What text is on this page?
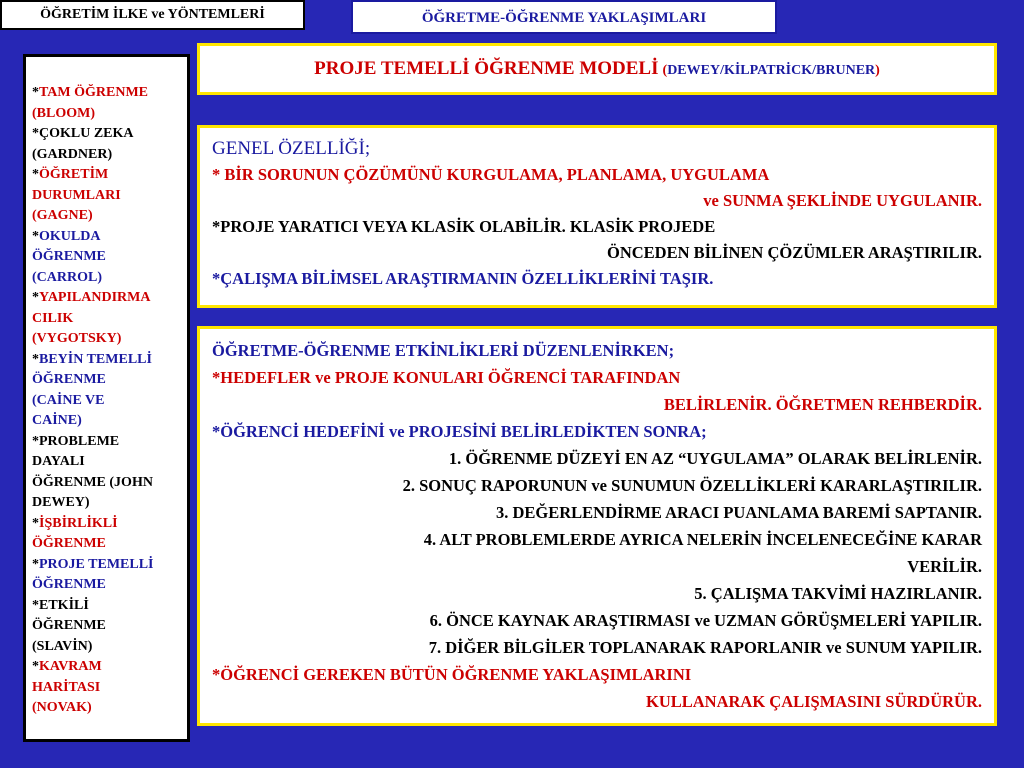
ÖĞRETİM İLKE ve YÖNTEMLERİ	ÖĞRETME-ÖĞRENME YAKLAŞIMLARI
PROJE TEMELLİ ÖĞRENME MODELİ (DEWEY/KİLPATRİCK/BRUNER)
*TAM ÖĞRENME
(BLOOM)
*ÇOKLU ZEKA
(GARDNER)
*ÖĞRETİM
DURUMLARI
(GAGNE)
*OKULDA
ÖĞRENME
(CARROL)
*YAPILANDIRMA
CILIK
(VYGOTSKY)
*BEYİN TEMELLİ
ÖĞRENME
(CAİNE VE
CAİNE)
*PROBLEME
DAYALI
ÖĞRENME (JOHN
DEWEY)
*İŞBİRLİKLİ
ÖĞRENME
*PROJE TEMELLİ
ÖĞRENME
*ETKİLİ
ÖĞRENME
(SLAVİN)
*KAVRAM
HARİTASI
(NOVAK)
GENEL ÖZELLİĞİ;
* BİR SORUNUN ÇÖZÜMÜNÜ KURGULAMA, PLANLAMA, UYGULAMA
ve SUNMA ŞEKLİNDE UYGULANIR.
*PROJE YARATICI VEYA KLASİK OLABİLİR. KLASİK PROJEDE
ÖNCEDEN BİLİNEN ÇÖZÜMLER ARAŞTIRILIR.
*ÇALIŞMA BİLİMSEL ARAŞTIRMANIN ÖZELLİKLERİNİ TAŞIR.
ÖĞRETME-ÖĞRENME ETKİNLİKLERİ DÜZENLENİRKEN;
*HEDEFLER ve PROJE KONULARI ÖĞRENCİ TARAFINDAN
BELİRLENİR. ÖĞRETMEN REHBERDİR.
*ÖĞRENCİ HEDEFİNİ ve PROJESİNİ BELİRLEDİKTEN SONRA;
1. ÖĞRENME DÜZEYİ EN AZ “UYGULAMA” OLARAK BELİRLENİR.
2. SONUÇ RAPORUNUN ve SUNUMUN ÖZELLİKLERİ KARARLAŞTIRILIR.
3. DEĞERLENDİRME ARACI PUANLAMA BAREMİ SAPTANIR.
4. ALT PROBLEMLERDE AYRICA NELERİN İNCELENECEĞİNE KARAR
VERİLİR.
5. ÇALIŞMA TAKVİMİ HAZIRLANIR.
6. ÖNCE KAYNAK ARAŞTIRMASI ve UZMAN GÖRÜŞMELERİ YAPILIR.
7. DİĞER BİLGİLER TOPLANARAK RAPORLANIR ve SUNUM YAPILIR.
*ÖĞRENCİ GEREKEN BÜTÜN ÖĞRENME YAKLAŞIMLARINI
KULLANARAK ÇALIŞMASINI SÜRDÜRÜR.
